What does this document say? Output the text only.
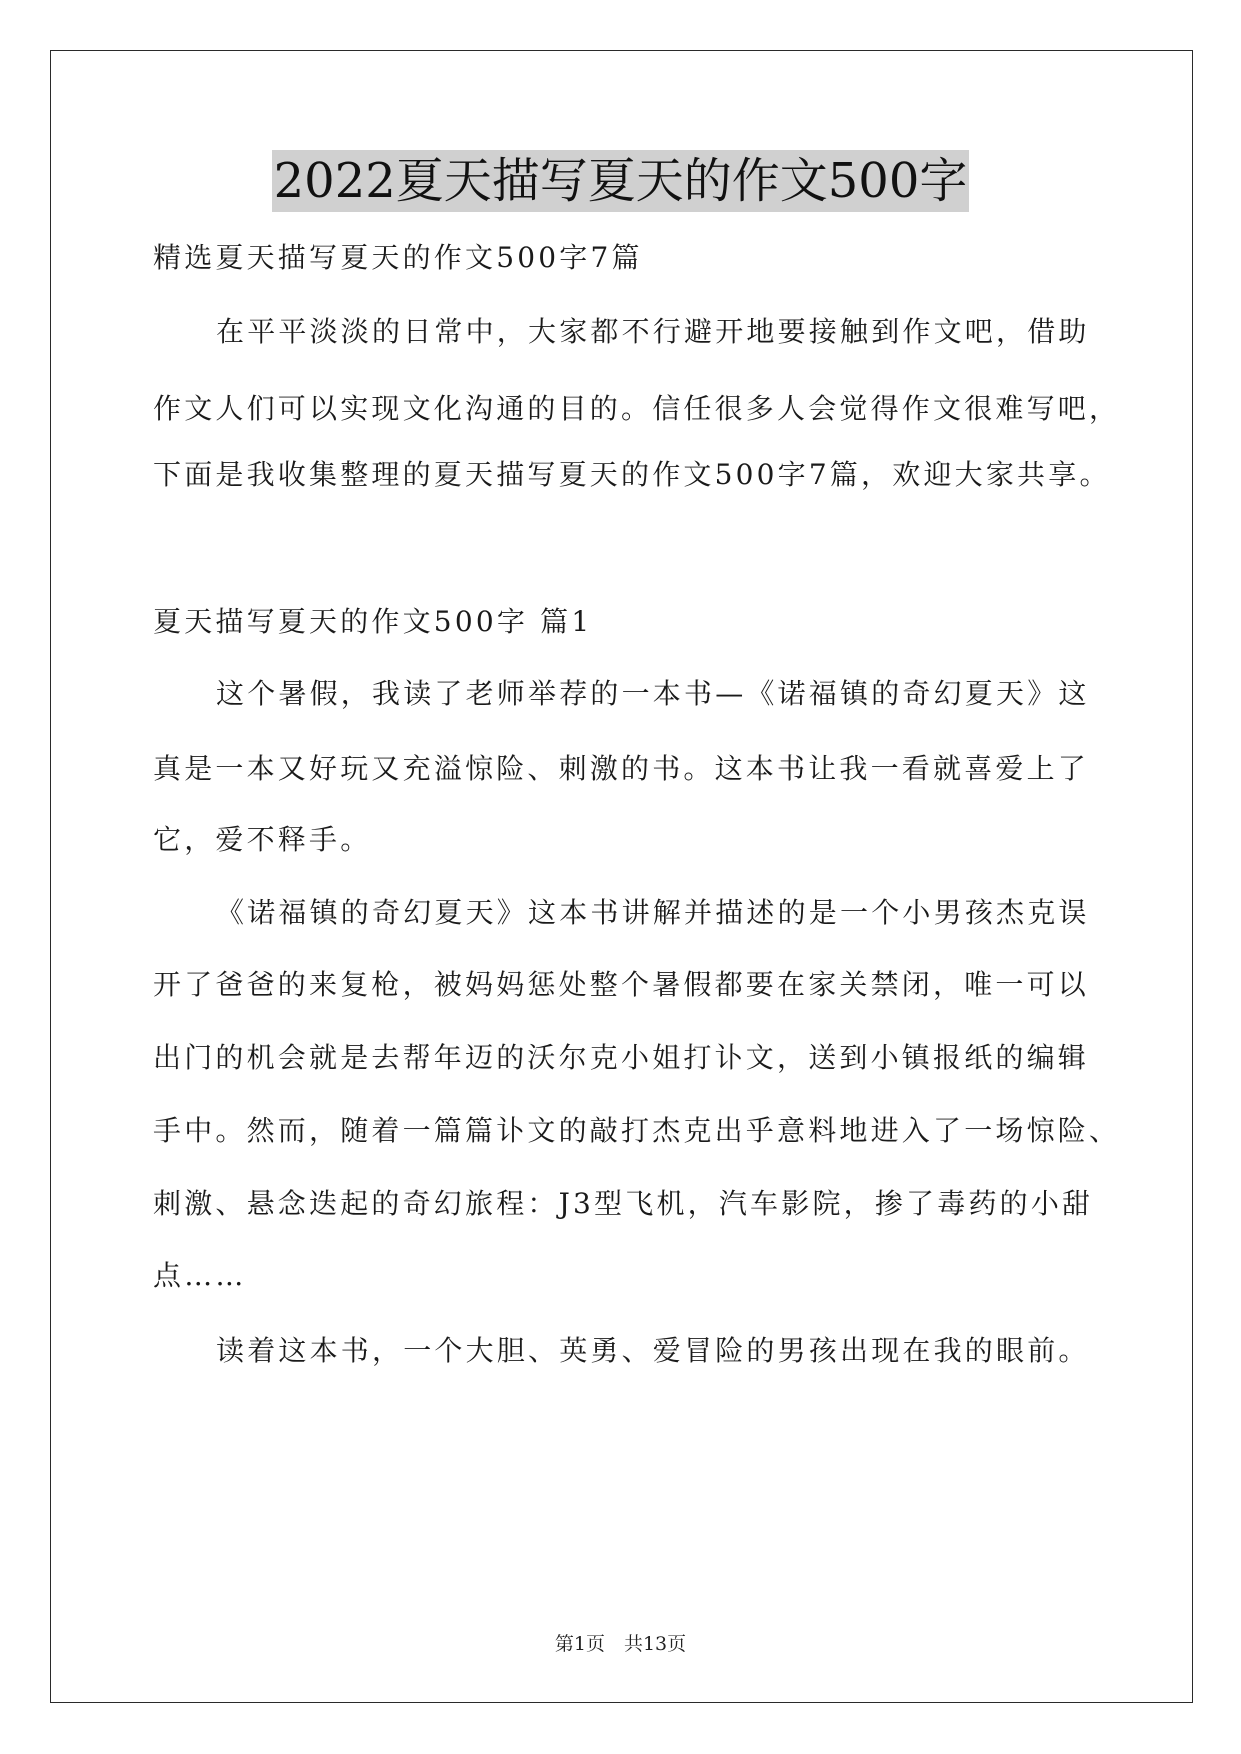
2022夏天描写夏天的作文500字
精选夏天描写夏天的作文500字7篇
在平平淡淡的日常中，大家都不行避开地要接触到作文吧，借助
作文人们可以实现文化沟通的目的。信任很多人会觉得作文很难写吧，
下面是我收集整理的夏天描写夏天的作文500字7篇，欢迎大家共享。
夏天描写夏天的作文500字 篇1
这个暑假，我读了老师举荐的一本书—《诺福镇的奇幻夏天》这
真是一本又好玩又充溢惊险、刺激的书。这本书让我一看就喜爱上了
它，爱不释手。
《诺福镇的奇幻夏天》这本书讲解并描述的是一个小男孩杰克误
开了爸爸的来复枪，被妈妈惩处整个暑假都要在家关禁闭，唯一可以
出门的机会就是去帮年迈的沃尔克小姐打讣文，送到小镇报纸的编辑
手中。然而，随着一篇篇讣文的敲打杰克出乎意料地进入了一场惊险、
刺激、悬念迭起的奇幻旅程：J3型飞机，汽车影院，掺了毒药的小甜
点……
读着这本书，一个大胆、英勇、爱冒险的男孩出现在我的眼前。
第1页　共13页
